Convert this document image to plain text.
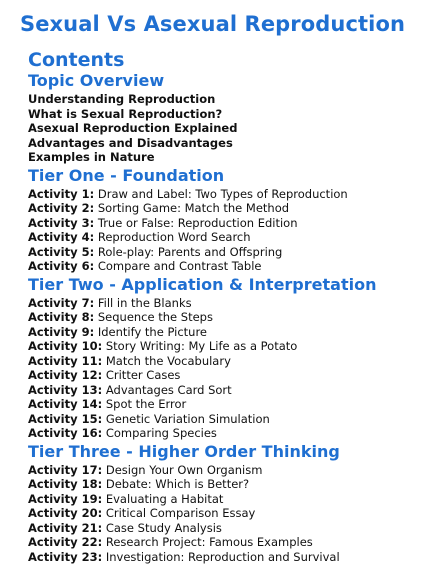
Sexual Vs Asexual Reproduction
Contents
Topic Overview
Understanding Reproduction
What is Sexual Reproduction?
Asexual Reproduction Explained
Advantages and Disadvantages
Examples in Nature
Tier One - Foundation
Activity 1: Draw and Label: Two Types of Reproduction
Activity 2: Sorting Game: Match the Method
Activity 3: True or False: Reproduction Edition
Activity 4: Reproduction Word Search
Activity 5: Role-play: Parents and Offspring
Activity 6: Compare and Contrast Table
Tier Two - Application & Interpretation
Activity 7: Fill in the Blanks
Activity 8: Sequence the Steps
Activity 9: Identify the Picture
Activity 10: Story Writing: My Life as a Potato
Activity 11: Match the Vocabulary
Activity 12: Critter Cases
Activity 13: Advantages Card Sort
Activity 14: Spot the Error
Activity 15: Genetic Variation Simulation
Activity 16: Comparing Species
Tier Three - Higher Order Thinking
Activity 17: Design Your Own Organism
Activity 18: Debate: Which is Better?
Activity 19: Evaluating a Habitat
Activity 20: Critical Comparison Essay
Activity 21: Case Study Analysis
Activity 22: Research Project: Famous Examples
Activity 23: Investigation: Reproduction and Survival
